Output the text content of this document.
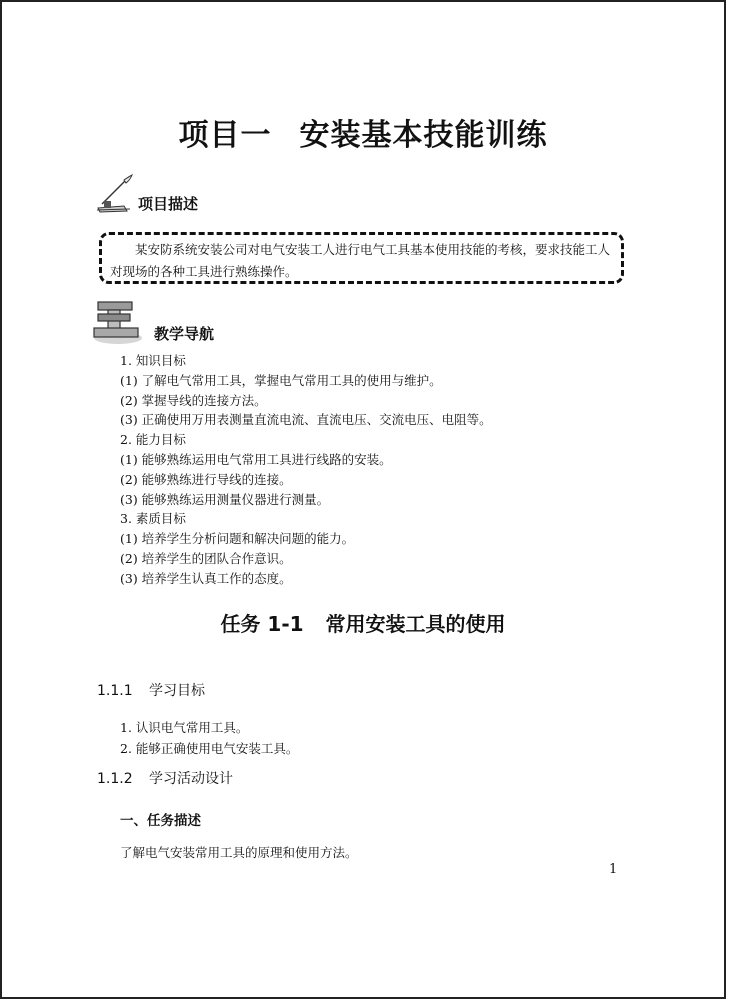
项目一 安装基本技能训练
项目描述

某安防系统安装公司对电气安装工人进行电气工具基本使用技能的考核，要求技能工人对现场的各种工具进行熟练操作。

教学导航
1. 知识目标
(1) 了解电气常用工具，掌握电气常用工具的使用与维护。
(2) 掌握导线的连接方法。
(3) 正确使用万用表测量直流电流、直流电压、交流电压、电阻等。
2. 能力目标
(1) 能够熟练运用电气常用工具进行线路的安装。
(2) 能够熟练进行导线的连接。
(3) 能够熟练运用测量仪器进行测量。
3. 素质目标
(1) 培养学生分析问题和解决问题的能力。
(2) 培养学生的团队合作意识。
(3) 培养学生认真工作的态度。
任务 1-1 常用安装工具的使用
1.1.1 学习目标
1. 认识电气常用工具。
2. 能够正确使用电气安装工具。
1.1.2 学习活动设计
一、任务描述
了解电气安装常用工具的原理和使用方法。
1
